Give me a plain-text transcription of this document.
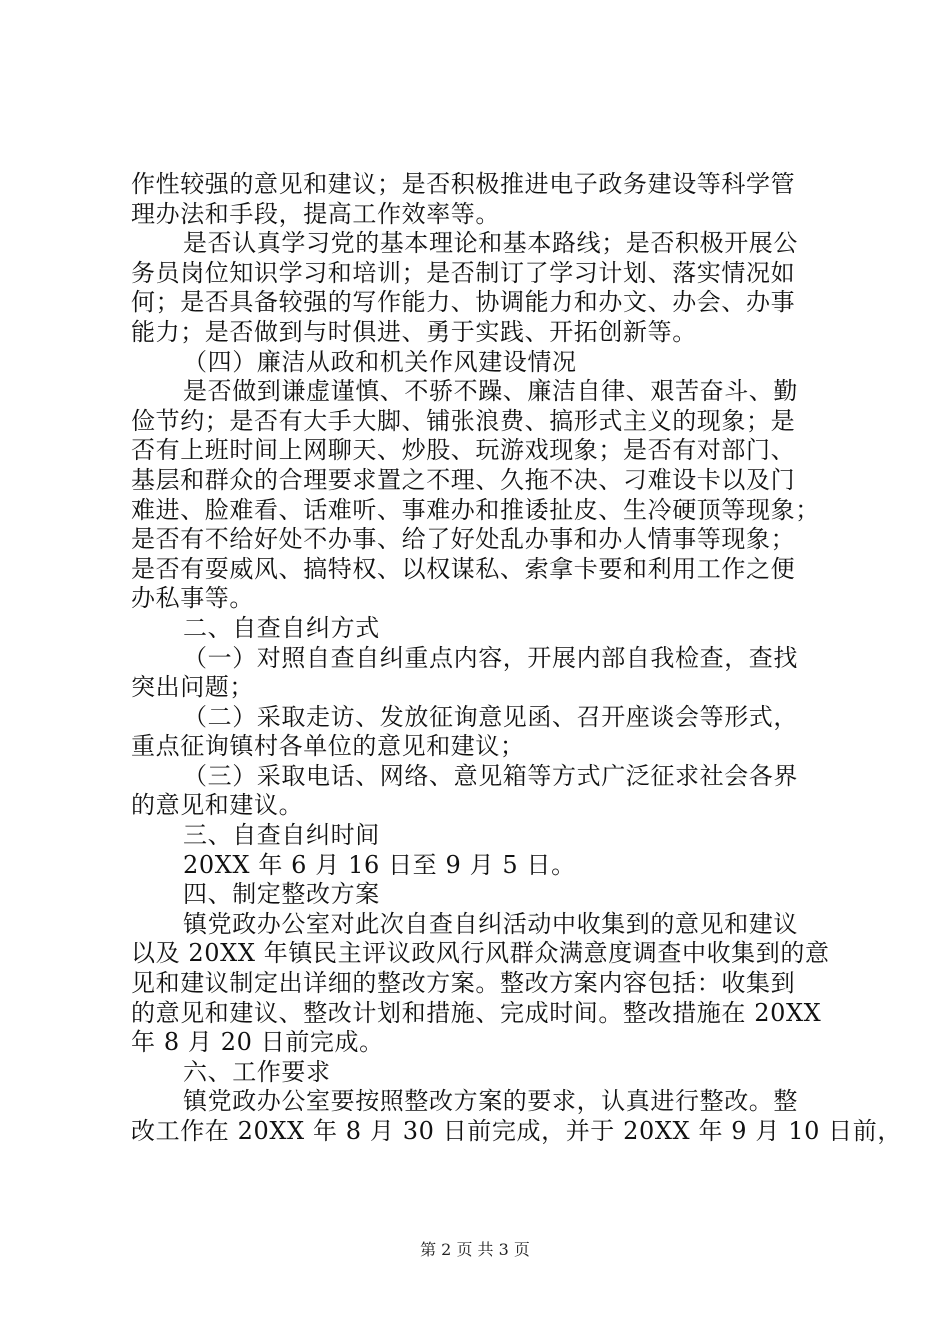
作性较强的意见和建议；是否积极推进电子政务建设等科学管
理办法和手段，提高工作效率等。
是否认真学习党的基本理论和基本路线；是否积极开展公
务员岗位知识学习和培训；是否制订了学习计划、落实情况如
何；是否具备较强的写作能力、协调能力和办文、办会、办事
能力；是否做到与时俱进、勇于实践、开拓创新等。
（四）廉洁从政和机关作风建设情况
是否做到谦虚谨慎、不骄不躁、廉洁自律、艰苦奋斗、勤
俭节约；是否有大手大脚、铺张浪费、搞形式主义的现象；是
否有上班时间上网聊天、炒股、玩游戏现象；是否有对部门、
基层和群众的合理要求置之不理、久拖不决、刁难设卡以及门
难进、脸难看、话难听、事难办和推诿扯皮、生冷硬顶等现象；
是否有不给好处不办事、给了好处乱办事和办人情事等现象；
是否有耍威风、搞特权、以权谋私、索拿卡要和利用工作之便
办私事等。
二、自查自纠方式
（一）对照自查自纠重点内容，开展内部自我检查，查找
突出问题；
（二）采取走访、发放征询意见函、召开座谈会等形式，
重点征询镇村各单位的意见和建议；
（三）采取电话、网络、意见箱等方式广泛征求社会各界
的意见和建议。
三、自查自纠时间
20XX 年 6 月 16 日至 9 月 5 日。
四、制定整改方案
镇党政办公室对此次自查自纠活动中收集到的意见和建议
以及 20XX 年镇民主评议政风行风群众满意度调查中收集到的意
见和建议制定出详细的整改方案。整改方案内容包括：收集到
的意见和建议、整改计划和措施、完成时间。整改措施在 20XX
年 8 月 20 日前完成。
六、工作要求
镇党政办公室要按照整改方案的要求，认真进行整改。整
改工作在 20XX 年 8 月 30 日前完成，并于 20XX 年 9 月 10 日前，
第 2 页 共 3 页
